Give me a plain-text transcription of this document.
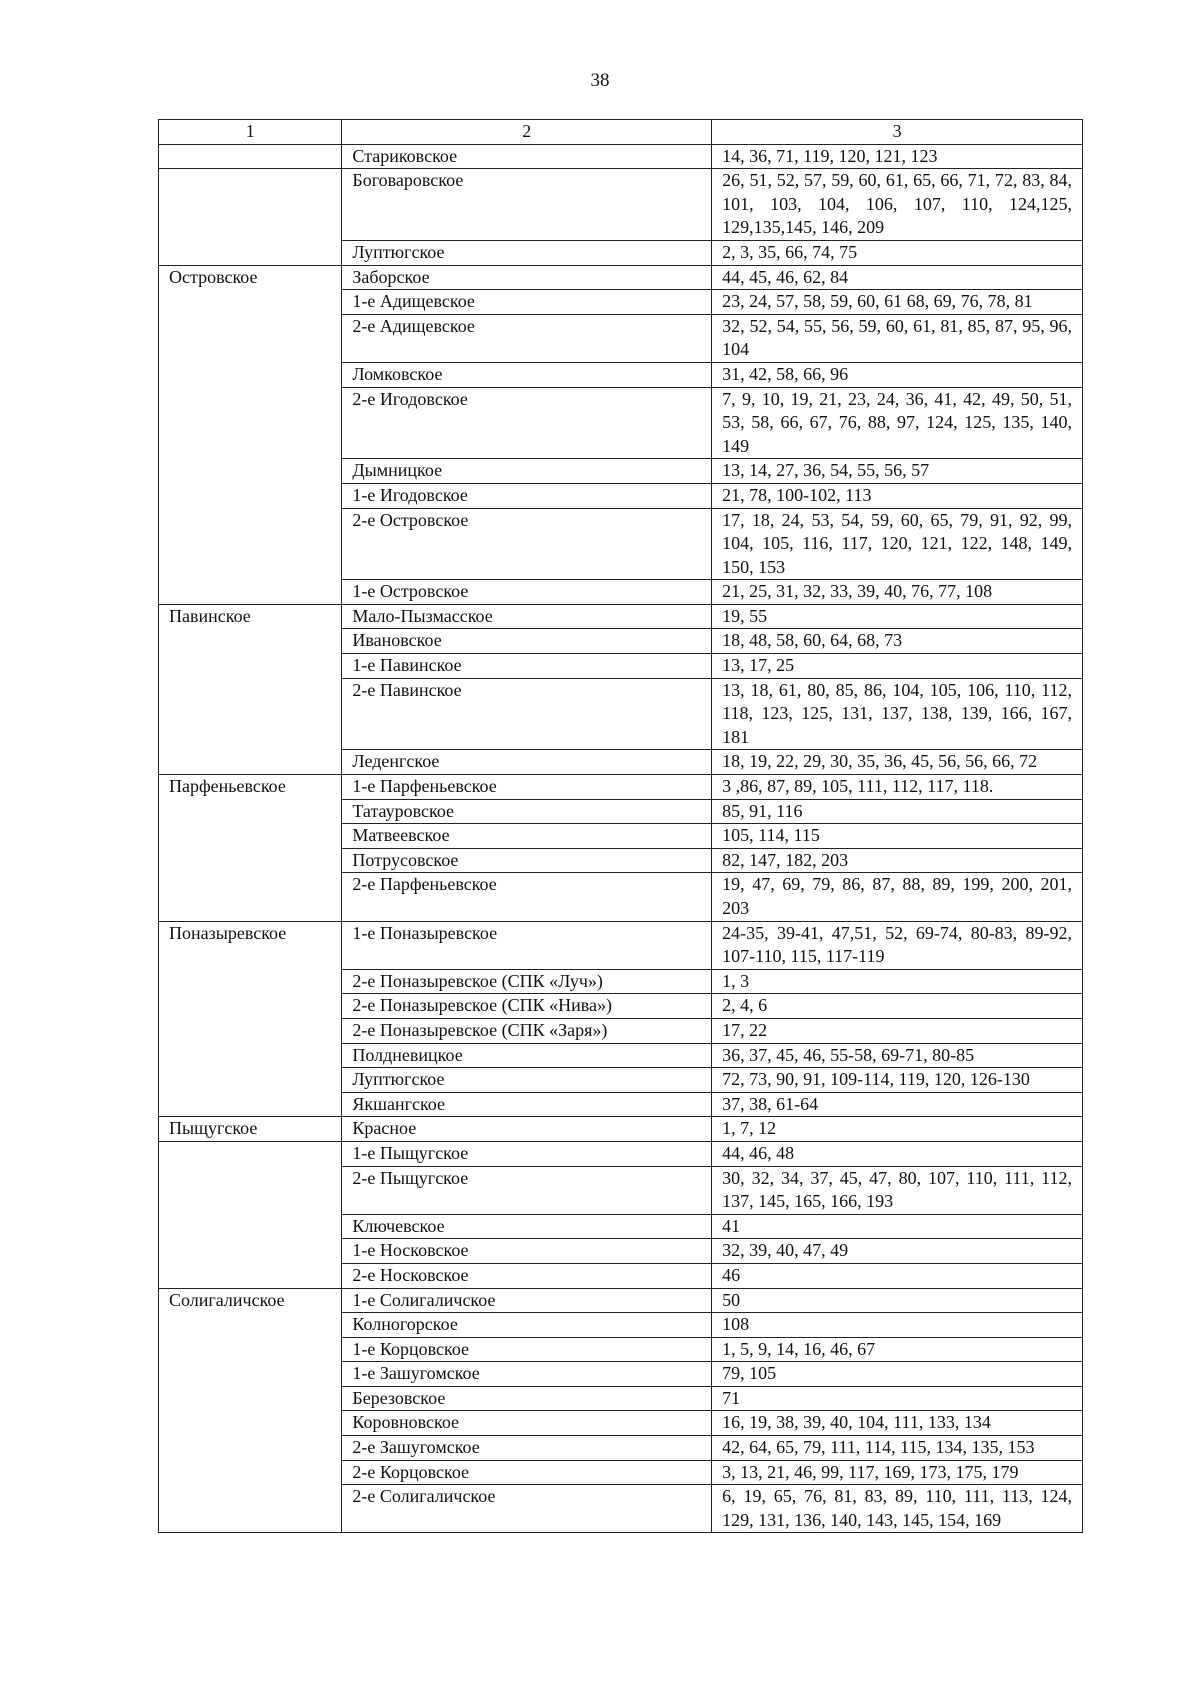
38
1	2	3
	Стариковское	14, 36, 71, 119, 120, 121, 123
	Боговаровское	26, 51, 52, 57, 59, 60, 61, 65, 66, 71, 72, 83, 84, 101, 103, 104, 106, 107, 110, 124,125, 129,135,145, 146, 209
	Луптюгское	2, 3, 35, 66, 74, 75
Островское	Заборское	44, 45, 46, 62, 84
	1-е Адищевское	23, 24, 57, 58, 59, 60, 61 68, 69, 76, 78, 81
	2-е Адищевское	32, 52, 54, 55, 56, 59, 60, 61, 81, 85, 87, 95, 96, 104
	Ломковское	31, 42, 58, 66, 96
	2-е Игодовское	7, 9, 10, 19, 21, 23, 24, 36, 41, 42, 49, 50, 51, 53, 58, 66, 67, 76, 88, 97, 124, 125, 135, 140, 149
	Дымницкое	13, 14, 27, 36, 54, 55, 56, 57
	1-е Игодовское	21, 78, 100-102, 113
	2-е Островское	17, 18, 24, 53, 54, 59, 60, 65, 79, 91, 92, 99, 104, 105, 116, 117, 120, 121, 122, 148, 149, 150, 153
	1-е Островское	21, 25, 31, 32, 33, 39, 40, 76, 77, 108
Павинское	Мало-Пызмасское	19, 55
	Ивановское	18, 48, 58, 60, 64, 68, 73
	1-е Павинское	13, 17, 25
	2-е Павинское	13, 18, 61, 80, 85, 86, 104, 105, 106, 110, 112, 118, 123, 125, 131, 137, 138, 139, 166, 167, 181
	Леденгское	18, 19, 22, 29, 30, 35, 36, 45, 56, 56, 66, 72
Парфеньевское	1-е Парфеньевское	3 ,86, 87, 89, 105, 111, 112, 117, 118.
	Татауровское	85, 91, 116
	Матвеевское	105, 114, 115
	Потрусовское	82, 147, 182, 203
	2-е Парфеньевское	19, 47, 69, 79, 86, 87, 88, 89, 199, 200, 201, 203
Поназыревское	1-е Поназыревское	24-35, 39-41, 47,51, 52, 69-74, 80-83, 89-92, 107-110, 115, 117-119
	2-е Поназыревское (СПК «Луч»)	1, 3
	2-е Поназыревское (СПК «Нива»)	2, 4, 6
	2-е Поназыревское (СПК «Заря»)	17, 22
	Полдневицкое	36, 37, 45, 46, 55-58, 69-71, 80-85
	Луптюгское	72, 73, 90, 91, 109-114, 119, 120, 126-130
	Якшангское	37, 38, 61-64
Пыщугское	Красное	1, 7, 12
	1-е Пыщугское	44, 46, 48
	2-е Пыщугское	30, 32, 34, 37, 45, 47, 80, 107, 110, 111, 112, 137, 145, 165, 166, 193
	Ключевское	41
	1-е Носковское	32, 39, 40, 47, 49
	2-е Носковское	46
Солигаличское	1-е Солигаличское	50
	Колногорское	108
	1-е Корцовское	1, 5, 9, 14, 16, 46, 67
	1-е Зашугомское	79, 105
	Березовское	71
	Коровновское	16, 19, 38, 39, 40, 104, 111, 133, 134
	2-е Зашугомское	42, 64, 65, 79, 111, 114, 115, 134, 135, 153
	2-е Корцовское	3, 13, 21, 46, 99, 117, 169, 173, 175, 179
	2-е Солигаличское	6, 19, 65, 76, 81, 83, 89, 110, 111, 113, 124, 129, 131, 136, 140, 143, 145, 154, 169
